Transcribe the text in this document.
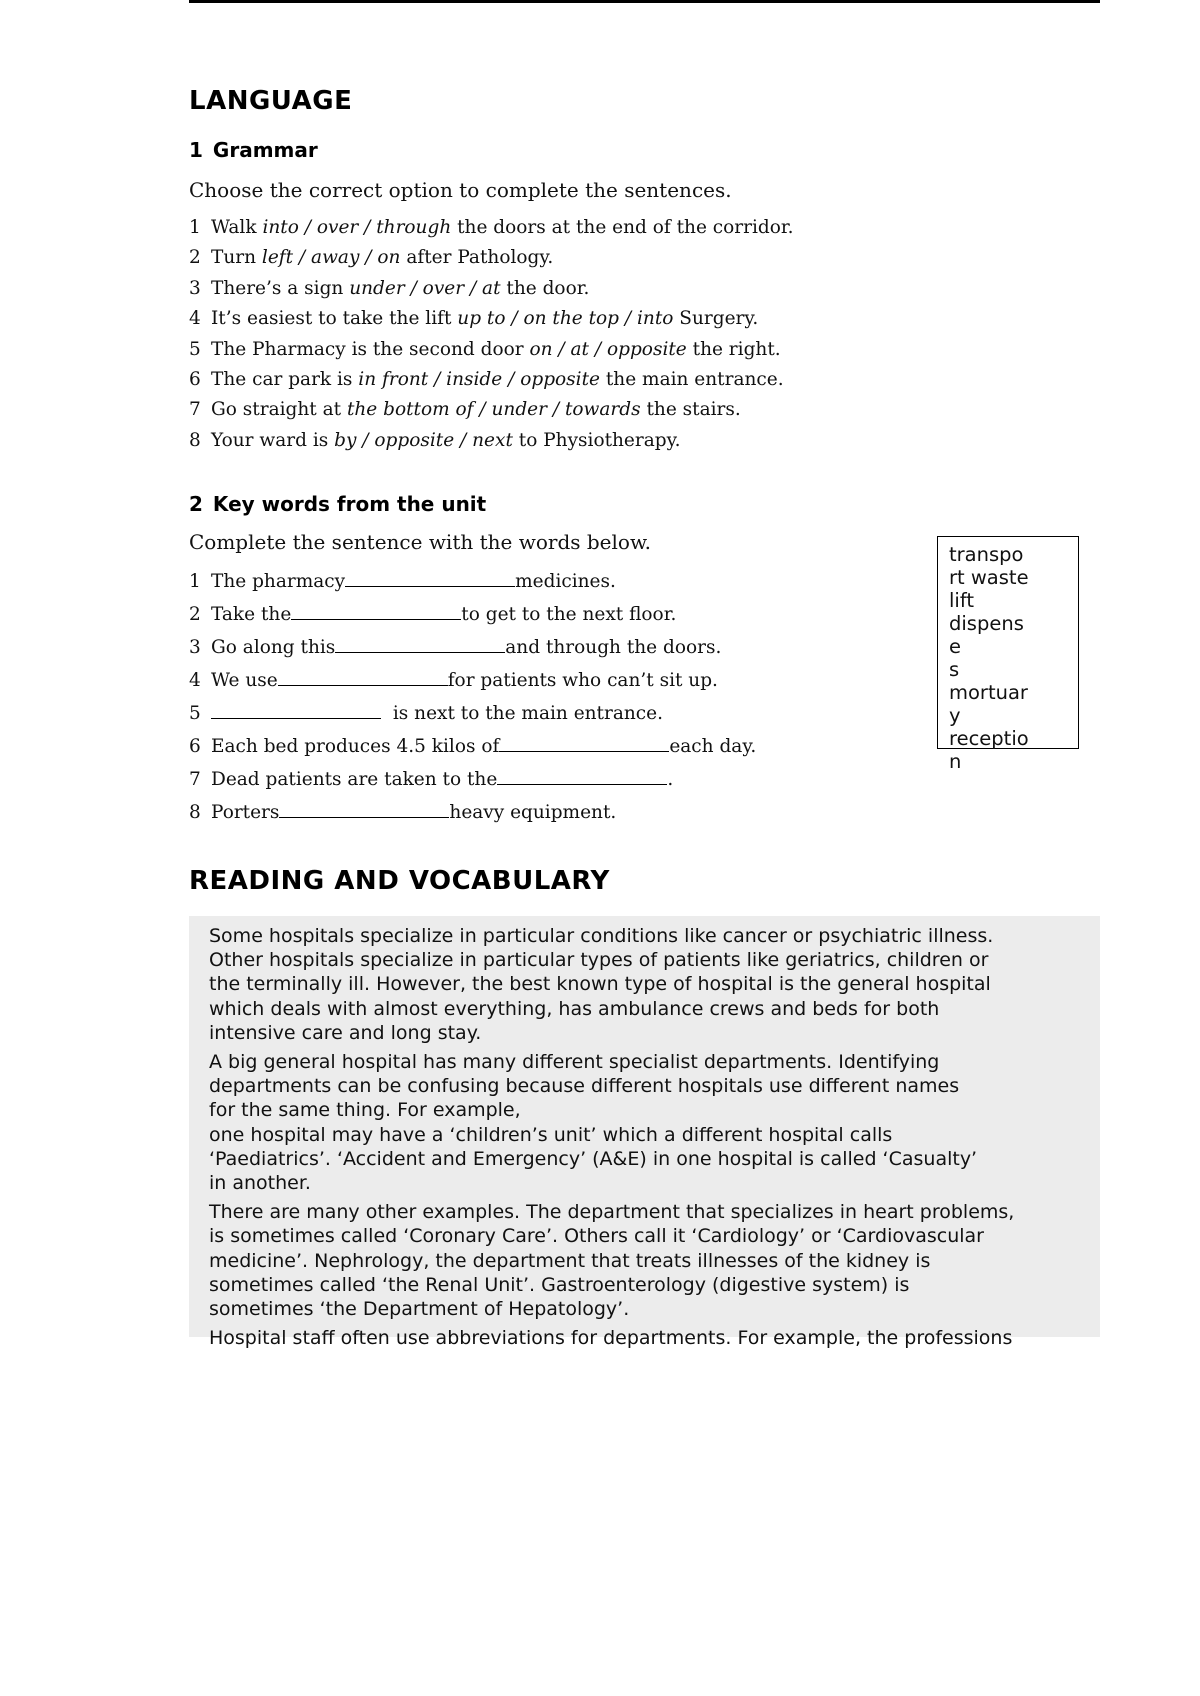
LANGUAGE
1 Grammar

Choose the correct option to complete the sentences.

1 Walk into / over / through the doors at the end of the corridor.
2 Turn left / away / on after Pathology.
3 There’s a sign under / over / at the door.
4 It’s easiest to take the lift up to / on the top / into Surgery.
5 The Pharmacy is the second door on / at / opposite the right.
6 The car park is in front / inside / opposite the main entrance.
7 Go straight at the bottom of / under / towards the stairs.
8 Your ward is by / opposite / next to Physiotherapy.
2 Key words from the unit

Complete the sentence with the words below.

1 The pharmacy	medicines.
2 Take the	to get to the next floor.
3 Go along this	and through the doors.
4 We use	for patients who can’t sit up.
5	is next to the main entrance.
6 Each bed produces 4.5 kilos of	each day.
7 Dead patients are taken to the	.
8 Porters	heavy equipment.
transpo
rt waste
lift
dispense
s
mortuar
y
receptio
n
READING AND VOCABULARY

Some hospitals specialize in particular conditions like cancer or psychiatric illness.
Other hospitals specialize in particular types of patients like geriatrics, children or
the terminally ill. However, the best known type of hospital is the general hospital
which deals with almost everything, has ambulance crews and beds for both
intensive care and long stay.

A big general hospital has many different specialist departments. Identifying
departments can be confusing because different hospitals use different names
for the same thing. For example,
one hospital may have a ‘children’s unit’ which a different hospital calls
‘Paediatrics’. ‘Accident and Emergency’ (A&E) in one hospital is called ‘Casualty’
in another.

There are many other examples. The department that specializes in heart problems,
is sometimes called ‘Coronary Care’. Others call it ‘Cardiology’ or ‘Cardiovascular
medicine’. Nephrology, the department that treats illnesses of the kidney is
sometimes called ‘the Renal Unit’. Gastroenterology (digestive system) is
sometimes ‘the Department of Hepatology’.

Hospital staff often use abbreviations for departments. For example, the professions
